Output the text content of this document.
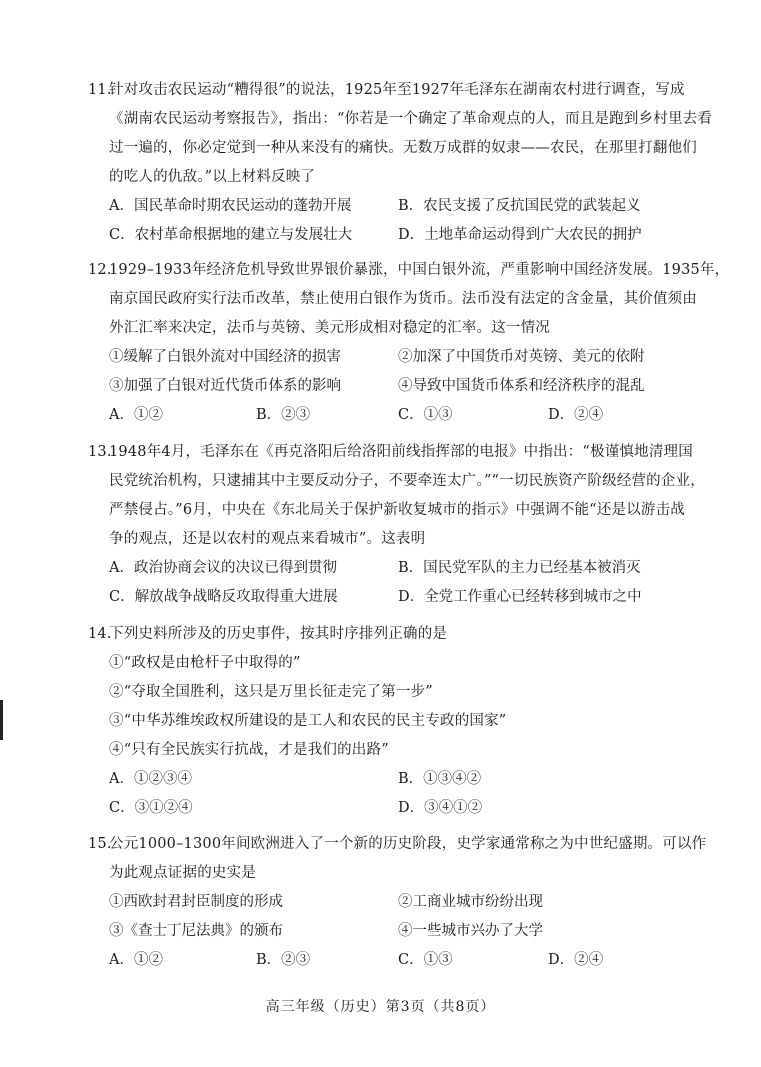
11.针对攻击农民运动“糟得很”的说法，1925年至1927年毛泽东在湖南农村进行调查，写成
《湖南农民运动考察报告》，指出：“你若是一个确定了革命观点的人，而且是跑到乡村里去看
过一遍的，你必定觉到一种从来没有的痛快。无数万成群的奴隶——农民，在那里打翻他们
的吃人的仇敌。”以上材料反映了
A．国民革命时期农民运动的蓬勃开展	B．农民支援了反抗国民党的武装起义
C．农村革命根据地的建立与发展壮大	D．土地革命运动得到广大农民的拥护
12.1929–1933年经济危机导致世界银价暴涨，中国白银外流，严重影响中国经济发展。1935年，
南京国民政府实行法币改革，禁止使用白银作为货币。法币没有法定的含金量，其价值须由
外汇汇率来决定，法币与英镑、美元形成相对稳定的汇率。这一情况
①缓解了白银外流对中国经济的损害	②加深了中国货币对英镑、美元的依附
③加强了白银对近代货币体系的影响	④导致中国货币体系和经济秩序的混乱
A．①②	B．②③	C．①③	D．②④
13.1948年4月，毛泽东在《再克洛阳后给洛阳前线指挥部的电报》中指出：“极谨慎地清理国
民党统治机构，只逮捕其中主要反动分子，不要牵连太广。”“一切民族资产阶级经营的企业，
严禁侵占。”6月，中央在《东北局关于保护新收复城市的指示》中强调不能“还是以游击战
争的观点，还是以农村的观点来看城市”。这表明
A．政治协商会议的决议已得到贯彻	B．国民党军队的主力已经基本被消灭
C．解放战争战略反攻取得重大进展	D．全党工作重心已经转移到城市之中
14.下列史料所涉及的历史事件，按其时序排列正确的是
①“政权是由枪杆子中取得的”
②“夺取全国胜利，这只是万里长征走完了第一步”
③“中华苏维埃政权所建设的是工人和农民的民主专政的国家”
④“只有全民族实行抗战，才是我们的出路”
A．①②③④	B．①③④②
C．③①②④	D．③④①②
15.公元1000–1300年间欧洲进入了一个新的历史阶段，史学家通常称之为中世纪盛期。可以作
为此观点证据的史实是
①西欧封君封臣制度的形成	②工商业城市纷纷出现
③《查士丁尼法典》的颁布	④一些城市兴办了大学
A．①②	B．②③	C．①③	D．②④
高三年级（历史）第3页（共8页）
